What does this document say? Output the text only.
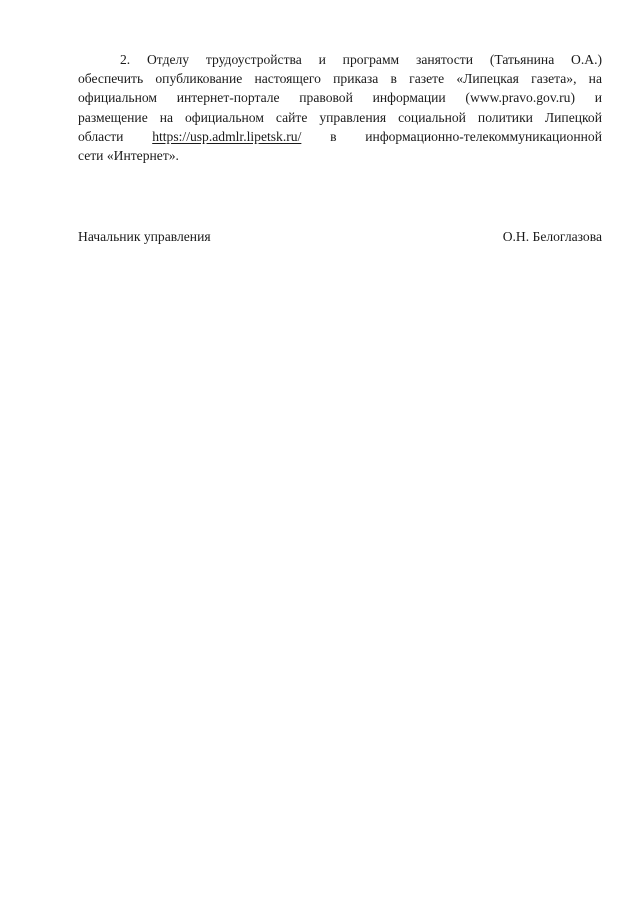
2. Отделу трудоустройства и программ занятости (Татьянина О.А.)
обеспечить опубликование настоящего приказа в газете «Липецкая газета», на
официальном интернет-портале правовой информации (www.pravo.gov.ru) и
размещение на официальном сайте управления социальной политики Липецкой
области https://usp.admlr.lipetsk.ru/ в информационно-телекоммуникационной
сети «Интернет».
Начальник управления	О.Н. Белоглазова
